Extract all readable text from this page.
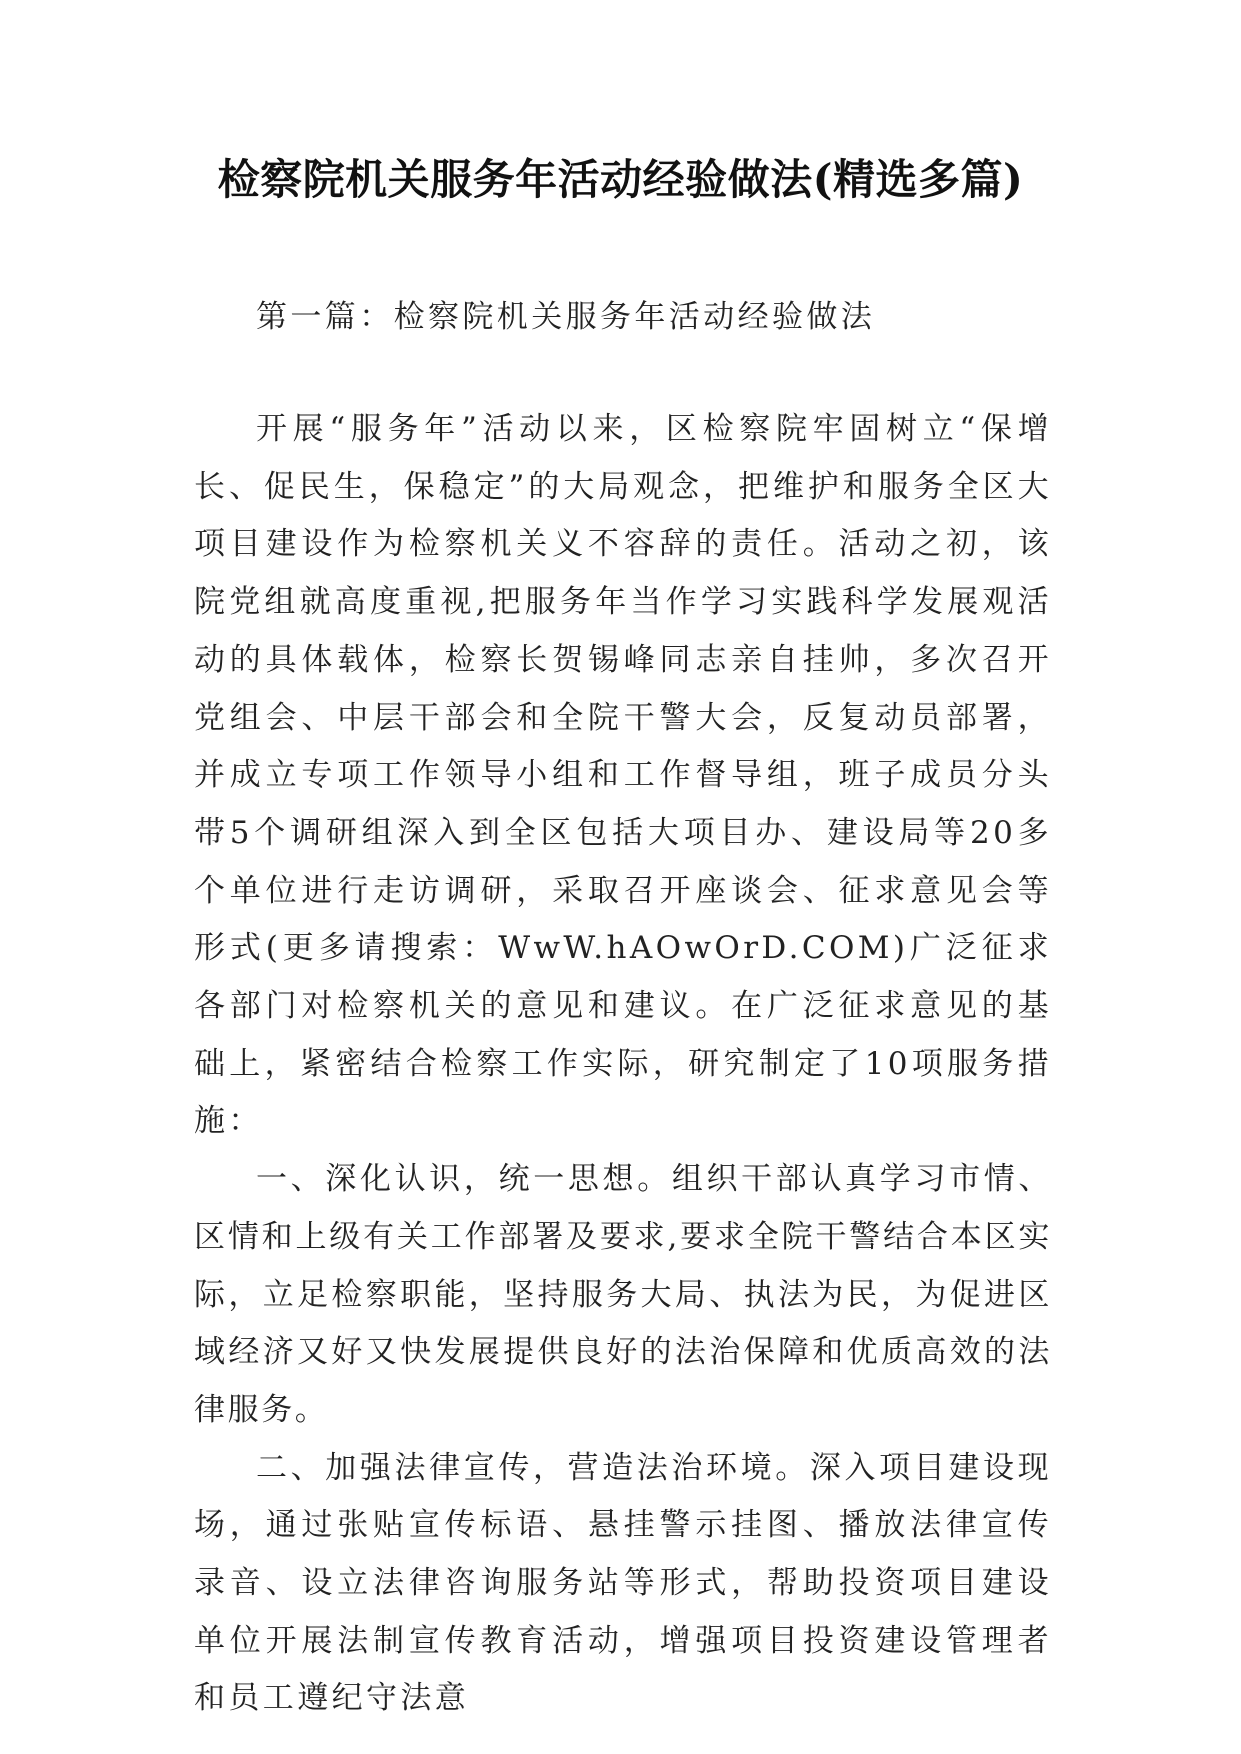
检察院机关服务年活动经验做法(精选多篇)

第一篇：检察院机关服务年活动经验做法

开展“服务年”活动以来，区检察院牢固树立“保增长、促民生，保稳定”的大局观念，把维护和服务全区大项目建设作为检察机关义不容辞的责任。活动之初，该院党组就高度重视,把服务年当作学习实践科学发展观活动的具体载体，检察长贺锡峰同志亲自挂帅，多次召开党组会、中层干部会和全院干警大会，反复动员部署，并成立专项工作领导小组和工作督导组，班子成员分头带5个调研组深入到全区包括大项目办、建设局等20多个单位进行走访调研，采取召开座谈会、征求意见会等形式(更多请搜索：WwW.hAOwOrD.COM)广泛征求各部门对检察机关的意见和建议。在广泛征求意见的基础上，紧密结合检察工作实际，研究制定了10项服务措施：

一、深化认识，统一思想。组织干部认真学习市情、区情和上级有关工作部署及要求,要求全院干警结合本区实际，立足检察职能，坚持服务大局、执法为民，为促进区域经济又好又快发展提供良好的法治保障和优质高效的法律服务。

二、加强法律宣传，营造法治环境。深入项目建设现场，通过张贴宣传标语、悬挂警示挂图、播放法律宣传录音、设立法律咨询服务站等形式，帮助投资项目建设单位开展法制宣传教育活动，增强项目投资建设管理者和员工遵纪守法意
